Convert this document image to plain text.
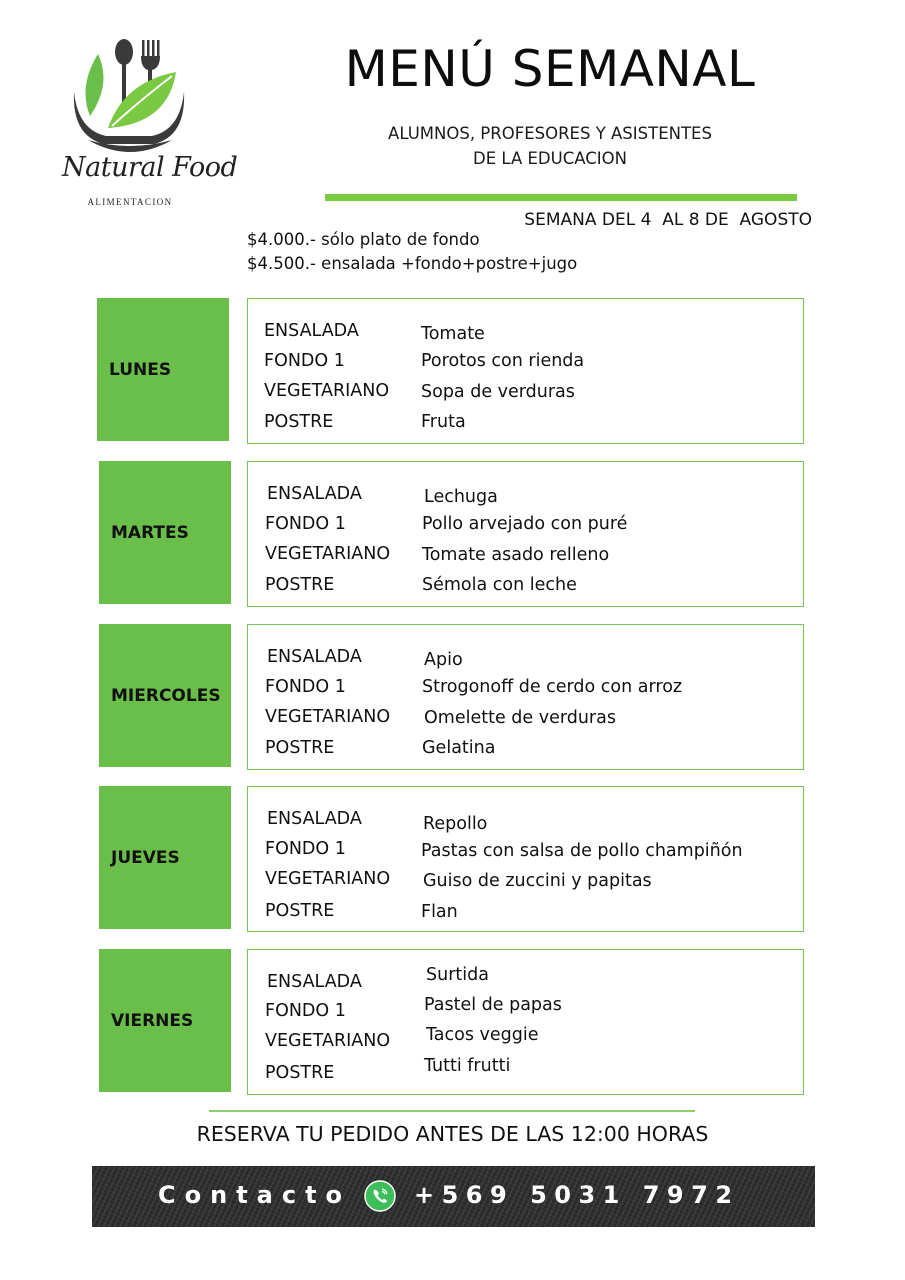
Natural Food
ALIMENTACION
MENÚ SEMANAL
ALUMNOS, PROFESORES Y ASISTENTES
DE LA EDUCACION
SEMANA DEL 4  AL 8 DE  AGOSTO
$4.000.- sólo plato de fondo
$4.500.- ensalada +fondo+postre+jugo
LUNES
ENSALADA	Tomate
FONDO 1	Porotos con rienda
VEGETARIANO Sopa de verduras
POSTRE	Fruta
MARTES
ENSALADA	Lechuga
FONDO 1	Pollo arvejado con puré
VEGETARIANO Tomate asado relleno
POSTRE	Sémola con leche
MIERCOLES
ENSALADA	Apio
FONDO 1	Strogonoff de cerdo con arroz
VEGETARIANO Omelette de verduras
POSTRE	Gelatina
JUEVES
ENSALADA	Repollo
FONDO 1	Pastas con salsa de pollo champiñón
VEGETARIANO Guiso de zuccini y papitas
POSTRE	Flan
VIERNES
ENSALADA	Surtida
FONDO 1	Pastel de papas
VEGETARIANO Tacos veggie
POSTRE	Tutti frutti
RESERVA TU PEDIDO ANTES DE LAS 12:00 HORAS
Contacto	+569 5031 7972
